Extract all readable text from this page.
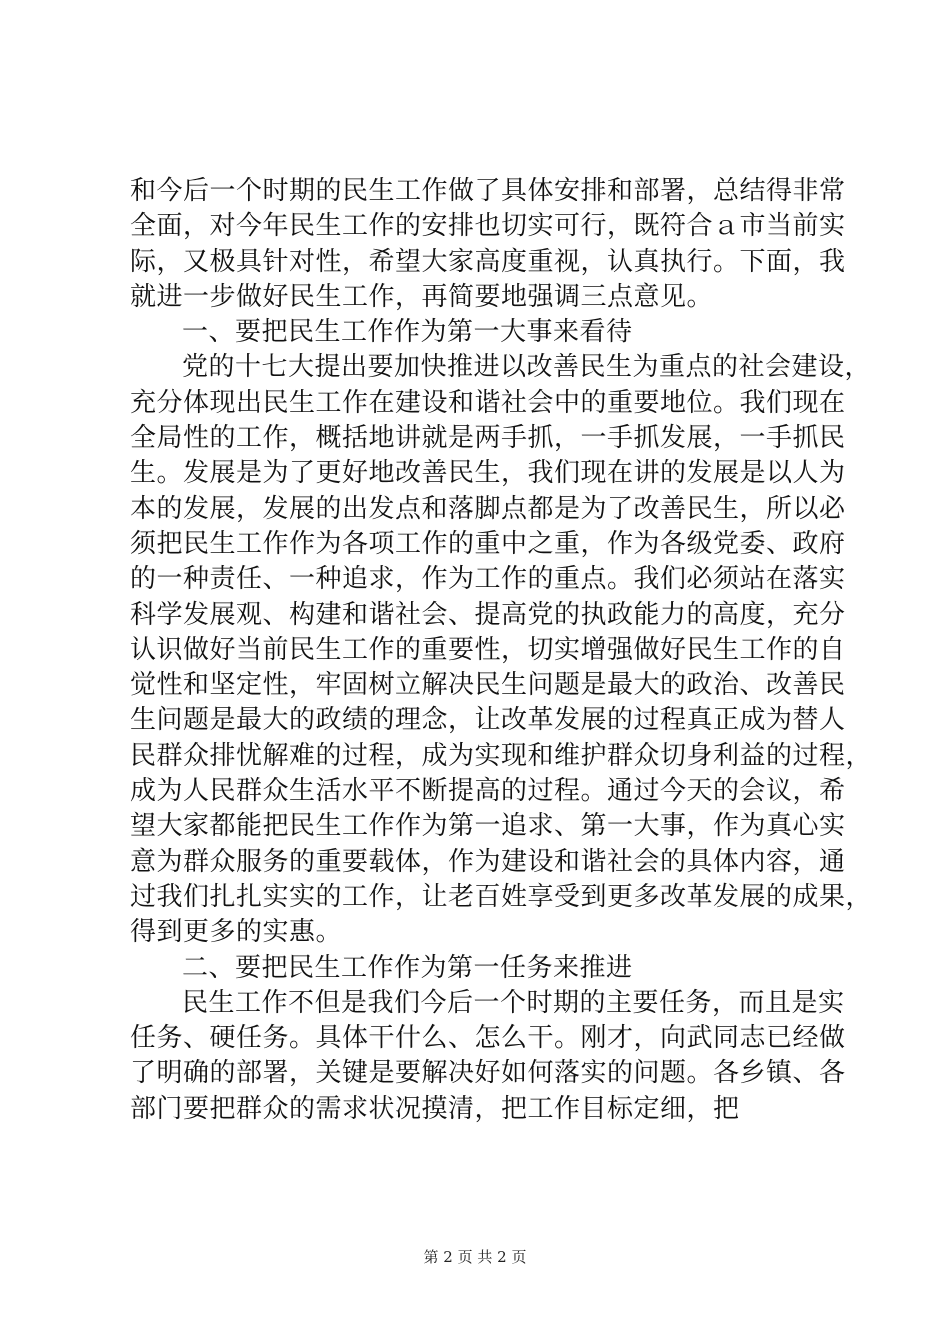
和今后一个时期的民生工作做了具体安排和部署，总结得非常
全面，对今年民生工作的安排也切实可行，既符合ａ市当前实
际，又极具针对性，希望大家高度重视，认真执行。下面，我
就进一步做好民生工作，再简要地强调三点意见。
一、要把民生工作作为第一大事来看待
党的十七大提出要加快推进以改善民生为重点的社会建设，
充分体现出民生工作在建设和谐社会中的重要地位。我们现在
全局性的工作，概括地讲就是两手抓，一手抓发展，一手抓民
生。发展是为了更好地改善民生，我们现在讲的发展是以人为
本的发展，发展的出发点和落脚点都是为了改善民生，所以必
须把民生工作作为各项工作的重中之重，作为各级党委、政府
的一种责任、一种追求，作为工作的重点。我们必须站在落实
科学发展观、构建和谐社会、提高党的执政能力的高度，充分
认识做好当前民生工作的重要性，切实增强做好民生工作的自
觉性和坚定性，牢固树立解决民生问题是最大的政治、改善民
生问题是最大的政绩的理念，让改革发展的过程真正成为替人
民群众排忧解难的过程，成为实现和维护群众切身利益的过程，
成为人民群众生活水平不断提高的过程。通过今天的会议，希
望大家都能把民生工作作为第一追求、第一大事，作为真心实
意为群众服务的重要载体，作为建设和谐社会的具体内容，通
过我们扎扎实实的工作，让老百姓享受到更多改革发展的成果，
得到更多的实惠。
二、要把民生工作作为第一任务来推进
民生工作不但是我们今后一个时期的主要任务，而且是实
任务、硬任务。具体干什么、怎么干。刚才，向武同志已经做
了明确的部署，关键是要解决好如何落实的问题。各乡镇、各
部门要把群众的需求状况摸清，把工作目标定细，把
第 2 页 共 2 页
